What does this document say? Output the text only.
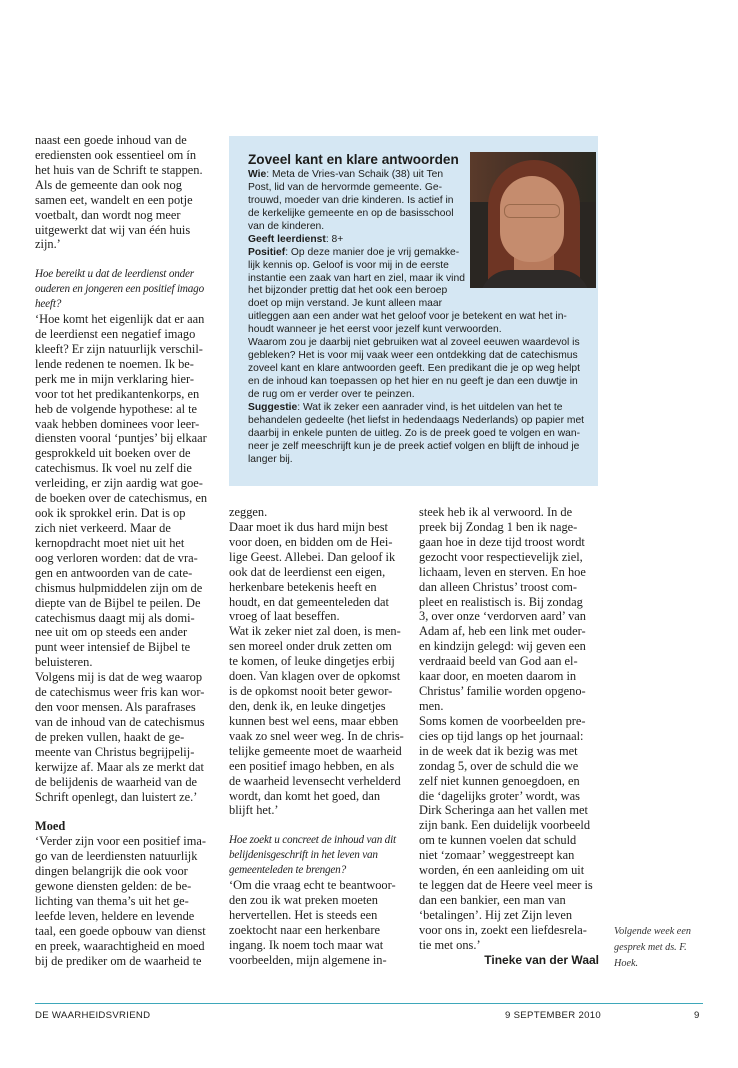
naast een goede inhoud van de
erediensten ook essentieel om ín
het huis van de Schrift te stappen.
Als de gemeente dan ook nog
samen eet, wandelt en een potje
voetbalt, dan wordt nog meer
uitgewerkt dat wij van één huis
zijn.’
Hoe bereikt u dat de leerdienst onder
ouderen en jongeren een positief imago
heeft?
‘Hoe komt het eigenlijk dat er aan
de leerdienst een negatief imago
kleeft? Er zijn natuurlijk verschil-
lende redenen te noemen. Ik be-
perk me in mijn verklaring hier-
voor tot het predikantenkorps, en
heb de volgende hypothese: al te
vaak hebben dominees voor leer-
diensten vooral ‘puntjes’ bij elkaar
gesprokkeld uit boeken over de
catechismus. Ik voel nu zelf die
verleiding, er zijn aardig wat goe-
de boeken over de catechismus, en
ook ik sprokkel erin. Dat is op
zich niet verkeerd. Maar de
kernopdracht moet niet uit het
oog verloren worden: dat de vra-
gen en antwoorden van de cate-
chismus hulpmiddelen zijn om de
diepte van de Bijbel te peilen. De
catechismus daagt mij als domi-
nee uit om op steeds een ander
punt weer intensief de Bijbel te
beluisteren.
Volgens mij is dat de weg waarop
de catechismus weer fris kan wor-
den voor mensen. Als parafrases
van de inhoud van de catechismus
de preken vullen, haakt de ge-
meente van Christus begrijpelij-
kerwijze af. Maar als ze merkt dat
de belijdenis de waarheid van de
Schrift openlegt, dan luistert ze.’
Moed
‘Verder zijn voor een positief ima-
go van de leerdiensten natuurlijk
dingen belangrijk die ook voor
gewone diensten gelden: de be-
lichting van thema’s uit het ge-
leefde leven, heldere en levende
taal, een goede opbouw van dienst
en preek, waarachtigheid en moed
bij de prediker om de waarheid te
Zoveel kant en klare antwoorden
Wie: Meta de Vries-van Schaik (38) uit Ten
Post, lid van de hervormde gemeente. Ge-
trouwd, moeder van drie kinderen. Is actief in
de kerkelijke gemeente en op de basisschool
van de kinderen.
Geeft leerdienst: 8+
Positief: Op deze manier doe je vrij gemakke-
lijk kennis op. Geloof is voor mij in de eerste
instantie een zaak van hart en ziel, maar ik vind
het bijzonder prettig dat het ook een beroep
doet op mijn verstand. Je kunt alleen maar
uitleggen aan een ander wat het geloof voor je betekent en wat het in-
houdt wanneer je het eerst voor jezelf kunt verwoorden.
Waarom zou je daarbij niet gebruiken wat al zoveel eeuwen waardevol is
gebleken? Het is voor mij vaak weer een ontdekking dat de catechismus
zoveel kant en klare antwoorden geeft. Een predikant die je op weg helpt
en de inhoud kan toepassen op het hier en nu geeft je dan een duwtje in
de rug om er verder over te peinzen.
Suggestie: Wat ik zeker een aanrader vind, is het uitdelen van het te
behandelen gedeelte (het liefst in hedendaags Nederlands) op papier met
daarbij in enkele punten de uitleg. Zo is de preek goed te volgen en wan-
neer je zelf meeschrijft kun je de preek actief volgen en blijft de inhoud je
langer bij.
zeggen.
Daar moet ik dus hard mijn best
voor doen, en bidden om de Hei-
lige Geest. Allebei. Dan geloof ik
ook dat de leerdienst een eigen,
herkenbare betekenis heeft en
houdt, en dat gemeenteleden dat
vroeg of laat beseffen.
Wat ik zeker niet zal doen, is men-
sen moreel onder druk zetten om
te komen, of leuke dingetjes erbij
doen. Van klagen over de opkomst
is de opkomst nooit beter gewor-
den, denk ik, en leuke dingetjes
kunnen best wel eens, maar ebben
vaak zo snel weer weg. In de chris-
telijke gemeente moet de waarheid
een positief imago hebben, en als
de waarheid levensecht verhelderd
wordt, dan komt het goed, dan
blijft het.’
Hoe zoekt u concreet de inhoud van dit
belijdenisgeschrift in het leven van
gemeenteleden te brengen?
‘Om die vraag echt te beantwoor-
den zou ik wat preken moeten
hervertellen. Het is steeds een
zoektocht naar een herkenbare
ingang. Ik noem toch maar wat
voorbeelden, mijn algemene in-
steek heb ik al verwoord. In de
preek bij Zondag 1 ben ik nage-
gaan hoe in deze tijd troost wordt
gezocht voor respectievelijk ziel,
lichaam, leven en sterven. En hoe
dan alleen Christus’ troost com-
pleet en realistisch is. Bij zondag
3, over onze ‘verdorven aard’ van
Adam af, heb een link met ouder-
en kindzijn gelegd: wij geven een
verdraaid beeld van God aan el-
kaar door, en moeten daarom in
Christus’ familie worden opgeno-
men.
Soms komen de voorbeelden pre-
cies op tijd langs op het journaal:
in de week dat ik bezig was met
zondag 5, over de schuld die we
zelf niet kunnen genoegdoen, en
die ‘dagelijks groter’ wordt, was
Dirk Scheringa aan het vallen met
zijn bank. Een duidelijk voorbeeld
om te kunnen voelen dat schuld
niet ‘zomaar’ weggestreept kan
worden, én een aanleiding om uit
te leggen dat de Heere veel meer is
dan een bankier, een man van
‘betalingen’. Hij zet Zijn leven
voor ons in, zoekt een liefdesrela-
tie met ons.’
Tineke van der Waal
Volgende week een
gesprek met ds. F.
Hoek.
DE WAARHEIDSVRIEND	9 SEPTEMBER 2010	9
